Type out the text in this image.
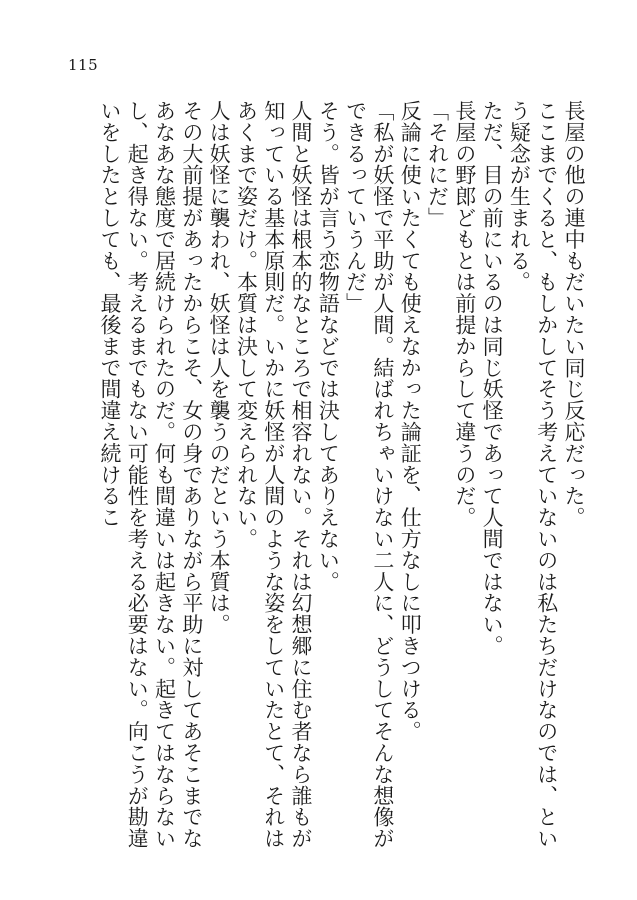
115

長屋の他の連中もだいたい同じ反応だった。

ここまでくると、もしかしてそう考えていないのは私たちだけなのでは、という疑念が生まれる。

ただ、目の前にいるのは同じ妖怪であって人間ではない。

長屋の野郎どもとは前提からして違うのだ。

「それにだ」

反論に使いたくても使えなかった論証を、仕方なしに叩きつける。

「私が妖怪で平助が人間。結ばれちゃいけない二人に、どうしてそんな想像ができるっていうんだ」

そう。皆が言う恋物語などでは決してありえない。

人間と妖怪は根本的なところで相容れない。それは幻想郷に住む者なら誰もが知っている基本原則だ。いかに妖怪が人間のような姿をしていたとて、それはあくまで姿だけ。本質は決して変えられない。

人は妖怪に襲われ、妖怪は人を襲うのだという本質は。

その大前提があったからこそ、女の身でありながら平助に対してあそこまでなあなあな態度で居続けられたのだ。何も間違いは起きない。起きてはならないし、起き得ない。考えるまでもない可能性を考える必要はない。向こうが勘違いをしたとしても、最後まで間違え続けるこ
